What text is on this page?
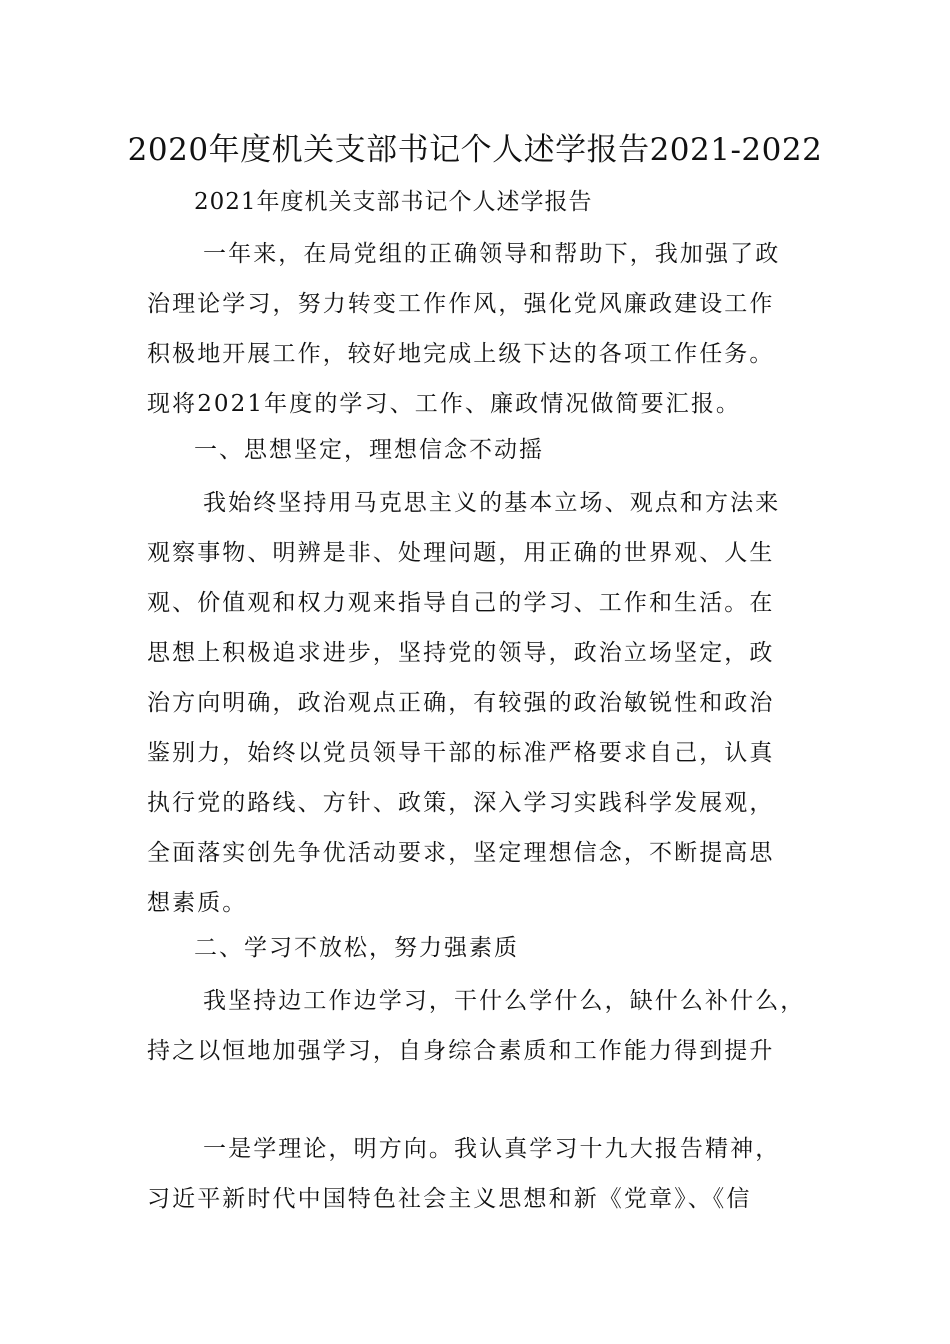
2020年度机关支部书记个人述学报告2021-2022
2021年度机关支部书记个人述学报告
一年来，在局党组的正确领导和帮助下，我加强了政
治理论学习，努力转变工作作风，强化党风廉政建设工作
积极地开展工作，较好地完成上级下达的各项工作任务。
现将2021年度的学习、工作、廉政情况做简要汇报。
一、思想坚定，理想信念不动摇
我始终坚持用马克思主义的基本立场、观点和方法来
观察事物、明辨是非、处理问题，用正确的世界观、人生
观、价值观和权力观来指导自己的学习、工作和生活。在
思想上积极追求进步，坚持党的领导，政治立场坚定，政
治方向明确，政治观点正确，有较强的政治敏锐性和政治
鉴别力，始终以党员领导干部的标准严格要求自己，认真
执行党的路线、方针、政策，深入学习实践科学发展观，
全面落实创先争优活动要求，坚定理想信念，不断提高思
想素质。
二、学习不放松，努力强素质
我坚持边工作边学习，干什么学什么，缺什么补什么，
持之以恒地加强学习，自身综合素质和工作能力得到提升
一是学理论，明方向。我认真学习十九大报告精神，
习近平新时代中国特色社会主义思想和新《党章》、《信
